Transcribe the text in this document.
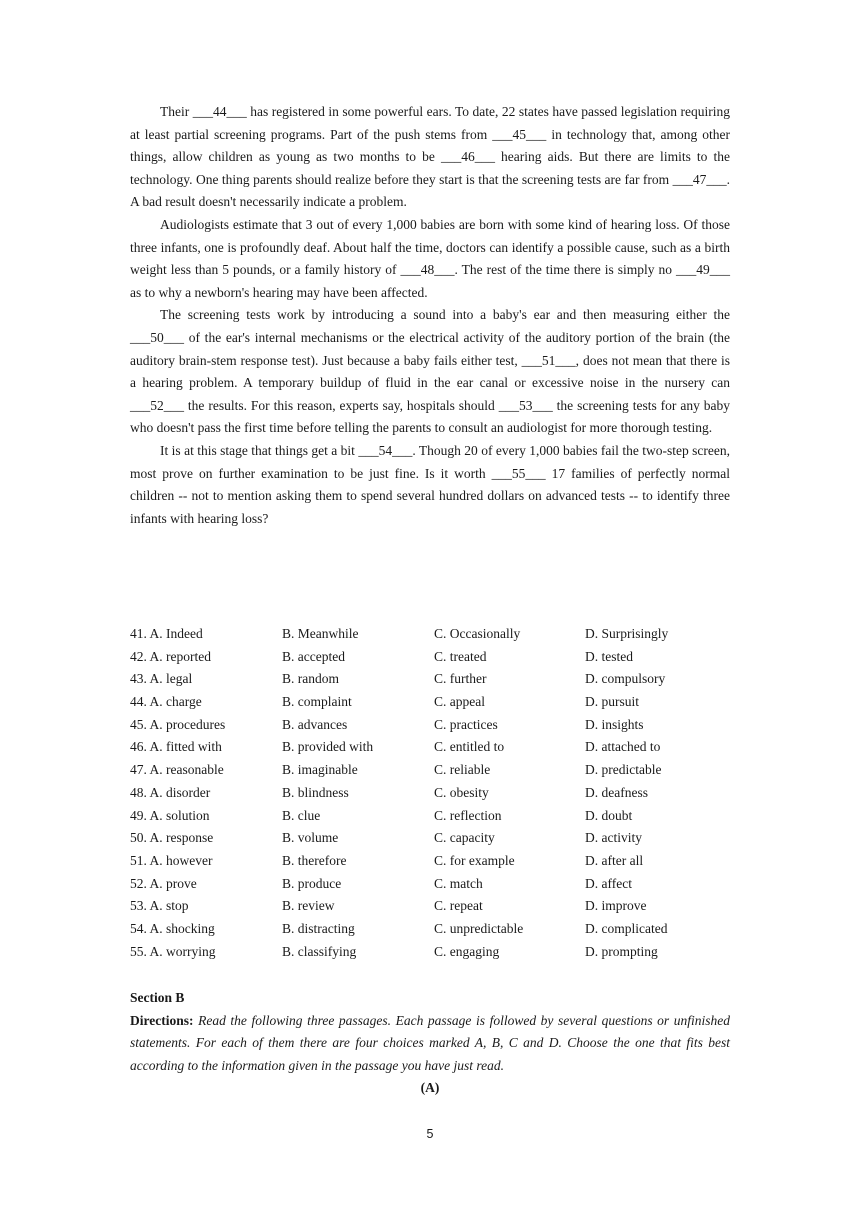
Their ___44___ has registered in some powerful ears. To date, 22 states have passed legislation requiring at least partial screening programs. Part of the push stems from ___45___ in technology that, among other things, allow children as young as two months to be ___46___ hearing aids. But there are limits to the technology. One thing parents should realize before they start is that the screening tests are far from ___47___. A bad result doesn't necessarily indicate a problem.

Audiologists estimate that 3 out of every 1,000 babies are born with some kind of hearing loss. Of those three infants, one is profoundly deaf. About half the time, doctors can identify a possible cause, such as a birth weight less than 5 pounds, or a family history of ___48___. The rest of the time there is simply no ___49___ as to why a newborn's hearing may have been affected.

The screening tests work by introducing a sound into a baby's ear and then measuring either the ___50___ of the ear's internal mechanisms or the electrical activity of the auditory portion of the brain (the auditory brain-stem response test). Just because a baby fails either test, ___51___, does not mean that there is a hearing problem. A temporary buildup of fluid in the ear canal or excessive noise in the nursery can ___52___ the results. For this reason, experts say, hospitals should ___53___ the screening tests for any baby who doesn't pass the first time before telling the parents to consult an audiologist for more thorough testing.

It is at this stage that things get a bit ___54___. Though 20 of every 1,000 babies fail the two-step screen, most prove on further examination to be just fine. Is it worth ___55___ 17 families of perfectly normal children -- not to mention asking them to spend several hundred dollars on advanced tests -- to identify three infants with hearing loss?

41. A. Indeed	B. Meanwhile	C. Occasionally	D. Surprisingly
42. A. reported	B. accepted	C. treated	D. tested
43. A. legal	B. random	C. further	D. compulsory
44. A. charge	B. complaint	C. appeal	D. pursuit
45. A. procedures	B. advances	C. practices	D. insights
46. A. fitted with	B. provided with	C. entitled to	D. attached to
47. A. reasonable	B. imaginable	C. reliable	D. predictable
48. A. disorder	B. blindness	C. obesity	D. deafness
49. A. solution	B. clue	C. reflection	D. doubt
50. A. response	B. volume	C. capacity	D. activity
51. A. however	B. therefore	C. for example	D. after all
52. A. prove	B. produce	C. match	D. affect
53. A. stop	B. review	C. repeat	D. improve
54. A. shocking	B. distracting	C. unpredictable	D. complicated
55. A. worrying	B. classifying	C. engaging	D. prompting

Section B

Directions: Read the following three passages. Each passage is followed by several questions or unfinished statements. For each of them there are four choices marked A, B, C and D. Choose the one that fits best according to the information given in the passage you have just read.

(A)

5
